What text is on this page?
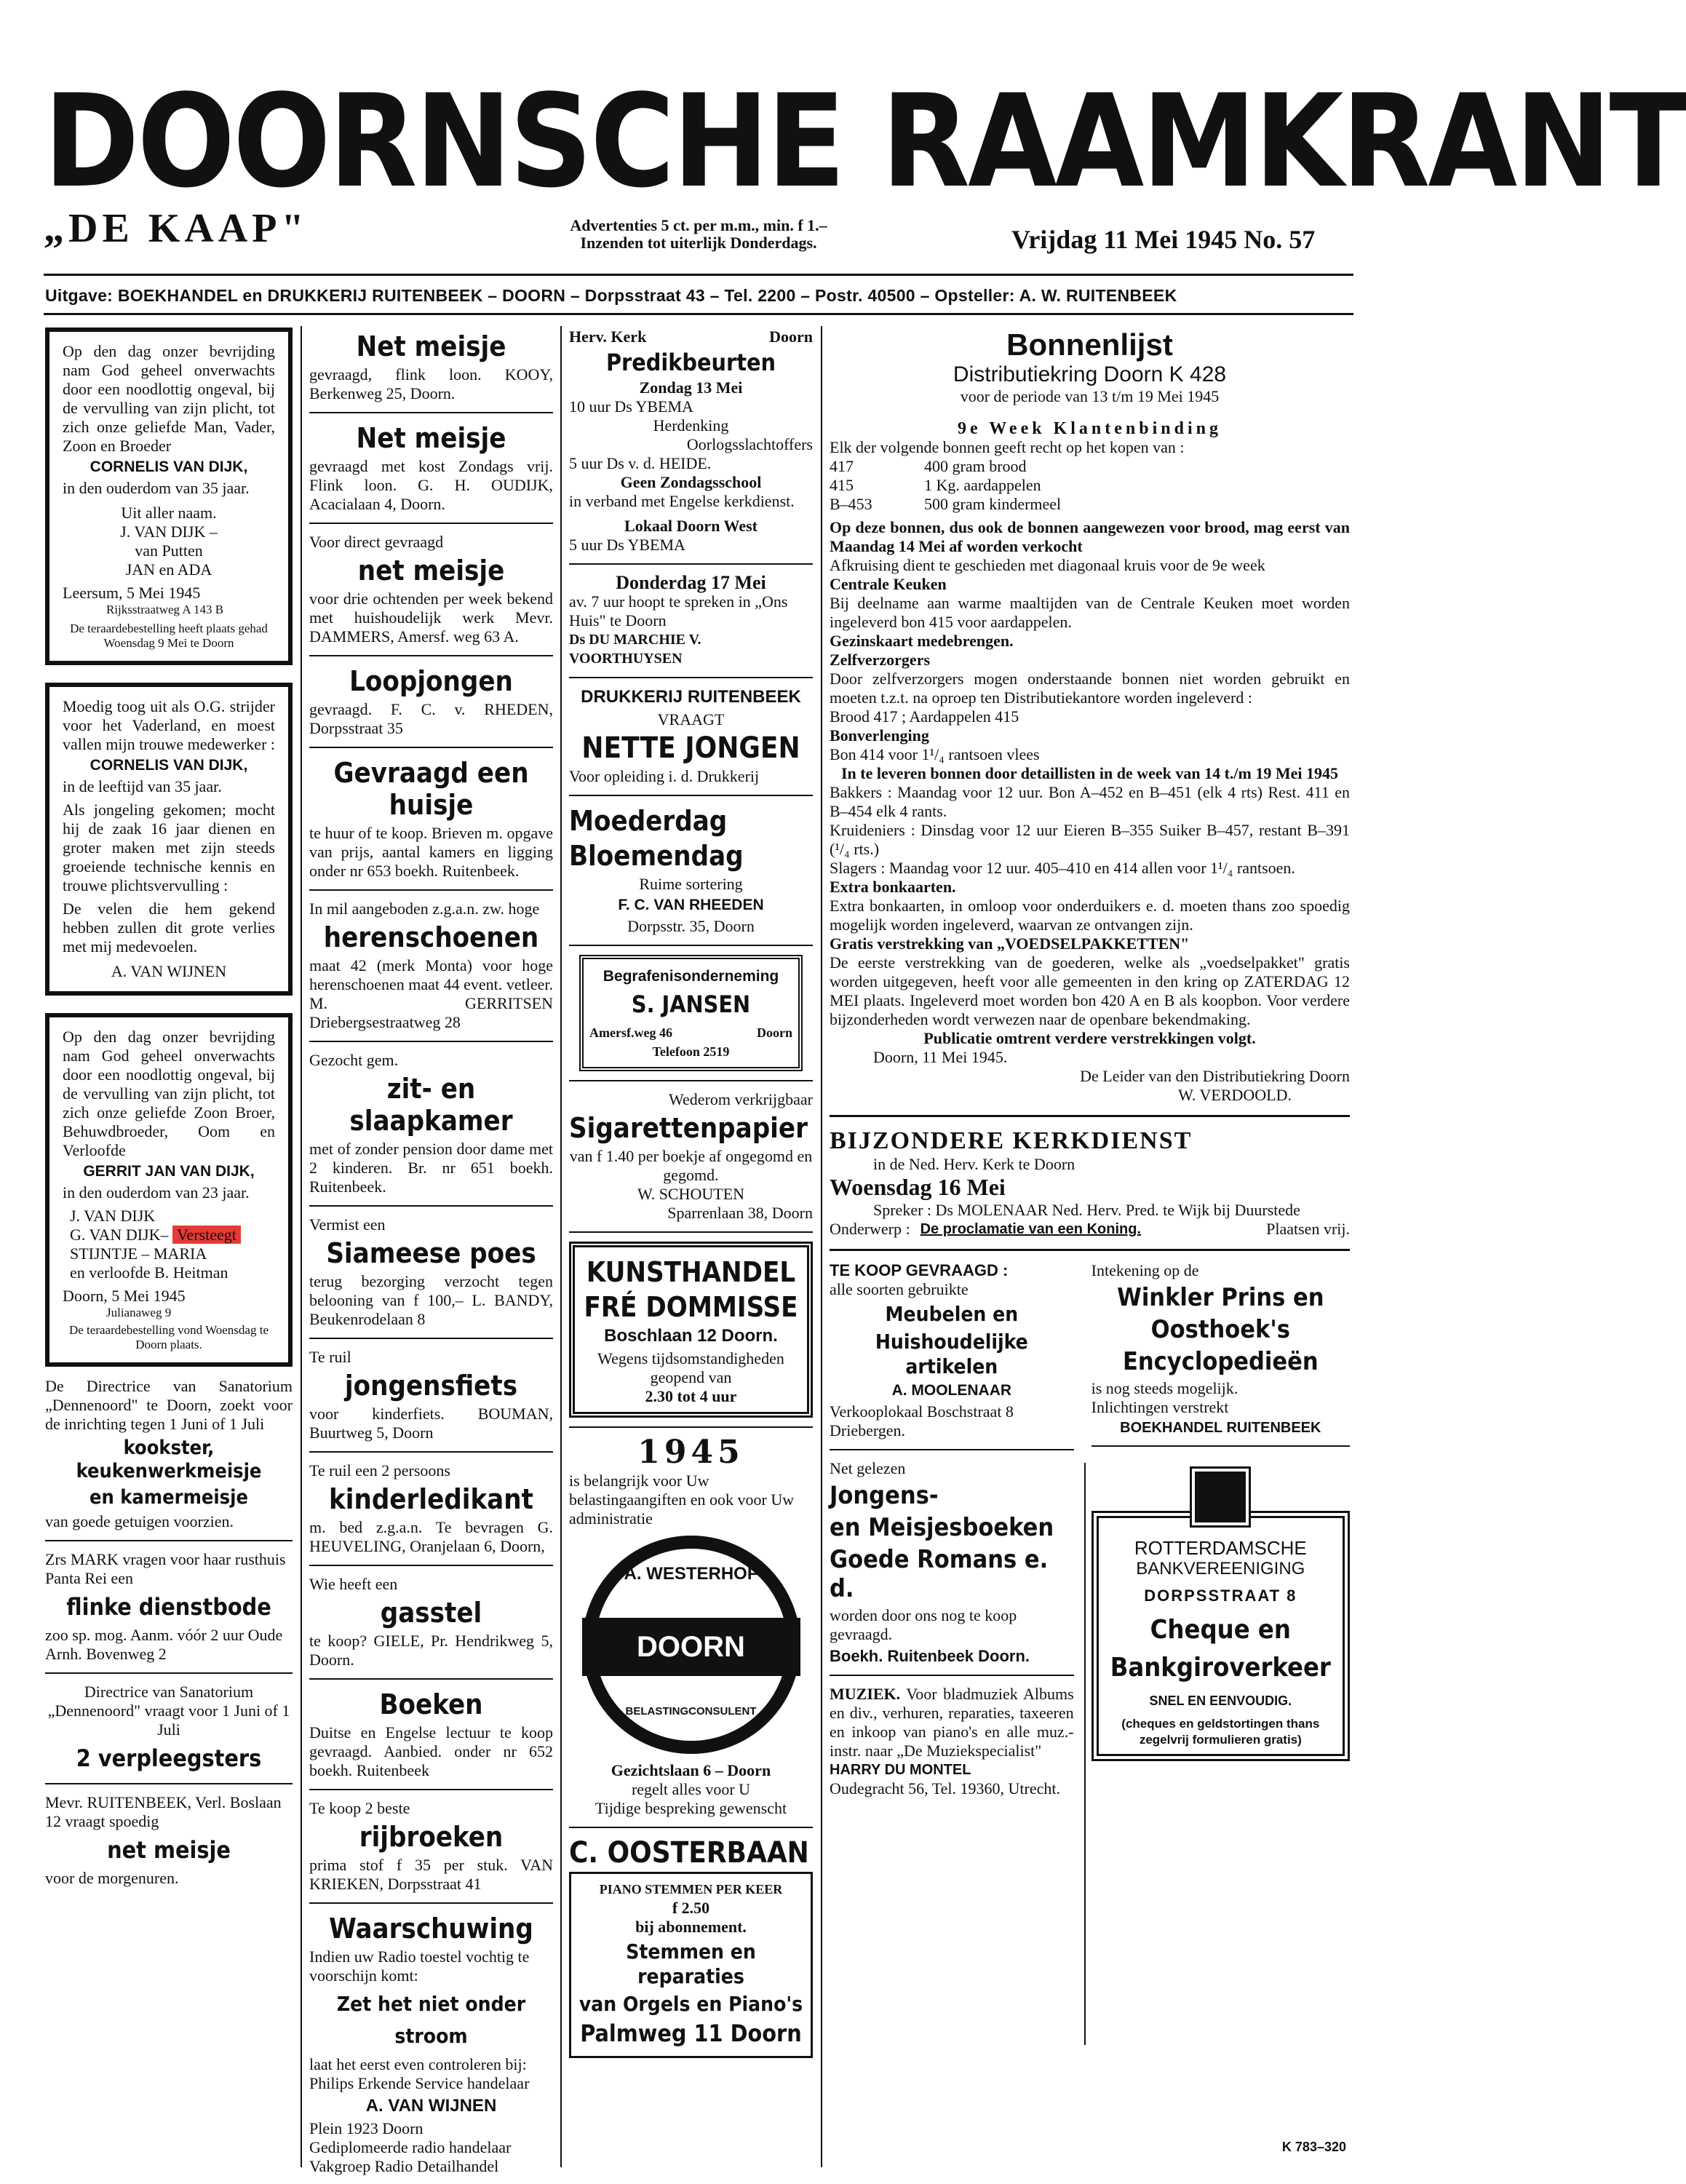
DOORNSCHE RAAMKRANT
„DE KAAP"	Advertenties 5 ct. per m.m., min. f 1.–
Inzenden tot uiterlijk Donderdags.	Vrijdag 11 Mei 1945 No. 57
Uitgave: BOEKHANDEL en DRUKKERIJ RUITENBEEK – DOORN – Dorpsstraat 43 – Tel. 2200 – Postr. 40500 – Opsteller: A. W. RUITENBEEK

Op den dag onzer bevrijding nam God geheel onverwachts door een noodlottig ongeval, bij de vervulling van zijn plicht, tot zich onze geliefde Man, Vader, Zoon en Broeder

CORNELIS VAN DIJK,

in den ouderdom van 35 jaar.

Uit aller naam.

J. VAN DIJK –

van Putten

JAN en ADA

Leersum, 5 Mei 1945

Rijksstraatweg A 143 B

De teraardebestelling heeft plaats gehad Woensdag 9 Mei te Doorn

Moedig toog uit als O.G. strijder voor het Vaderland, en moest vallen mijn trouwe medewerker :

CORNELIS VAN DIJK,

in de leeftijd van 35 jaar.

Als jongeling gekomen; mocht hij de zaak 16 jaar dienen en groter maken met zijn steeds groeiende technische kennis en trouwe plichtsvervulling :

De velen die hem gekend hebben zullen dit grote verlies met mij medevoelen.

A. VAN WIJNEN

Op den dag onzer bevrijding nam God geheel onverwachts door een noodlottig ongeval, bij de vervulling van zijn plicht, tot zich onze geliefde Zoon Broer, Behuwdbroeder, Oom en Verloofde

GERRIT JAN VAN DIJK,

in den ouderdom van 23 jaar.

J. VAN DIJK

G. VAN DIJK– Versteegt

STIJNTJE – MARIA

en verloofde B. Heitman

Doorn, 5 Mei 1945

Julianaweg 9

De teraardebestelling vond Woensdag te Doorn plaats.

De Directrice van Sanatorium „Dennenoord" te Doorn, zoekt voor de inrichting tegen 1 Juni of 1 Juli

kookster, keukenwerkmeisje

en kamermeisje

van goede getuigen voorzien.

Zrs MARK vragen voor haar rusthuis Panta Rei een

flinke dienstbode

zoo sp. mog. Aanm. vóór 2 uur Oude Arnh. Bovenweg 2

Directrice van Sanatorium „Dennenoord" vraagt voor 1 Juni of 1 Juli

2 verpleegsters

Mevr. RUITENBEEK, Verl. Boslaan 12 vraagt spoedig

net meisje

voor de morgenuren.

Net meisje

gevraagd, flink loon. KOOY, Berkenweg 25, Doorn.

Net meisje

gevraagd met kost Zondags vrij. Flink loon. G. H. OUDIJK, Acacialaan 4, Doorn.

Voor direct gevraagd

net meisje

voor drie ochtenden per week bekend met huishoudelijk werk Mevr. DAMMERS, Amersf. weg 63 A.

Loopjongen

gevraagd. F. C. v. RHEDEN, Dorpsstraat 35

Gevraagd een huisje

te huur of te koop. Brieven m. opgave van prijs, aantal kamers en ligging onder nr 653 boekh. Ruitenbeek.

In mil aangeboden z.g.a.n. zw. hoge

herenschoenen

maat 42 (merk Monta) voor hoge herenschoenen maat 44 event. vetleer. M. GERRITSEN Driebergsestraatweg 28

Gezocht gem.

zit- en slaapkamer

met of zonder pension door dame met 2 kinderen. Br. nr 651 boekh. Ruitenbeek.

Vermist een

Siameese poes

terug bezorging verzocht tegen belooning van f 100,– L. BANDY, Beukenrodelaan 8

Te ruil

jongensfiets

voor kinderfiets. BOUMAN, Buurtweg 5, Doorn

Te ruil een 2 persoons

kinderledikant

m. bed z.g.a.n. Te bevragen G. HEUVELING, Oranjelaan 6, Doorn,

Wie heeft een

gasstel

te koop? GIELE, Pr. Hendrikweg 5, Doorn.

Boeken

Duitse en Engelse lectuur te koop gevraagd. Aanbied. onder nr 652 boekh. Ruitenbeek

Te koop 2 beste

rijbroeken

prima stof f 35 per stuk. VAN KRIEKEN, Dorpsstraat 41

Waarschuwing

Indien uw Radio toestel vochtig te voorschijn komt:

Zet het niet onder stroom

laat het eerst even controleren bij: Philips Erkende Service handelaar

A. VAN WIJNEN

Plein 1923 Doorn

Gediplomeerde radio handelaar Vakgroep Radio Detailhandel

Herv. Kerk	Doorn

Predikbeurten

Zondag 13 Mei

10 uur Ds YBEMA

Herdenking

Oorlogsslachtoffers

5 uur Ds v. d. HEIDE.

Geen Zondagsschool

in verband met Engelse kerkdienst.

Lokaal Doorn West

5 uur Ds YBEMA

Donderdag 17 Mei

av. 7 uur hoopt te spreken in „Ons Huis" te Doorn

Ds DU MARCHIE V. VOORTHUYSEN

DRUKKERIJ RUITENBEEK

VRAAGT

NETTE JONGEN

Voor opleiding i. d. Drukkerij

Moederdag

Bloemendag

Ruime sortering

F. C. VAN RHEEDEN

Dorpsstr. 35, Doorn

Begrafenisonderneming

S. JANSEN

Amersf.weg 46	Doorn

Telefoon 2519

Wederom verkrijgbaar

Sigarettenpapier

van f 1.40 per boekje af ongegomd en gegomd.

W. SCHOUTEN

Sparrenlaan 38, Doorn

KUNSTHANDEL

FRÉ DOMMISSE

Boschlaan 12 Doorn.

Wegens tijdsomstandigheden geopend van

2.30 tot 4 uur

1945

is belangrijk voor Uw belastingaangiften en ook voor Uw administratie

A. WESTERHOF
DOORN
BELASTINGCONSULENT

Gezichtslaan 6 – Doorn

regelt alles voor U

Tijdige bespreking gewenscht

C. OOSTERBAAN

PIANO STEMMEN PER KEER

f 2.50

bij abonnement.

Stemmen en reparaties

van Orgels en Piano's

Palmweg 11 Doorn

Bonnenlijst

Distributiekring Doorn K 428

voor de periode van 13 t/m 19 Mei 1945

9e Week Klantenbinding

Elk der volgende bonnen geeft recht op het kopen van :

417	400 gram brood
415	1 Kg. aardappelen
B–453	500 gram kindermeel

Op deze bonnen, dus ook de bonnen aangewezen voor brood, mag eerst van Maandag 14 Mei af worden verkocht

Afkruising dient te geschieden met diagonaal kruis voor de 9e week

Centrale Keuken

Bij deelname aan warme maaltijden van de Centrale Keuken moet worden ingeleverd bon 415 voor aardappelen.

Gezinskaart medebrengen.

Zelfverzorgers

Door zelfverzorgers mogen onderstaande bonnen niet worden gebruikt en moeten t.z.t. na oproep ten Distributiekantore worden ingeleverd :

Brood 417 ; Aardappelen 415

Bonverlenging

Bon 414 voor 1¹/₄ rantsoen vlees

In te leveren bonnen door detaillisten in de week van 14 t./m 19 Mei 1945

Bakkers : Maandag voor 12 uur. Bon A–452 en B–451 (elk 4 rts) Rest. 411 en B–454 elk 4 rants.

Kruideniers : Dinsdag voor 12 uur Eieren B–355 Suiker B–457, restant B–391 (¹/₄ rts.)

Slagers : Maandag voor 12 uur. 405–410 en 414 allen voor 1¹/₄ rantsoen.

Extra bonkaarten.

Extra bonkaarten, in omloop voor onderduikers e. d. moeten thans zoo spoedig mogelijk worden ingeleverd, waarvan ze ontvangen zijn.

Gratis verstrekking van „VOEDSELPAKKETTEN"

De eerste verstrekking van de goederen, welke als „voedselpakket" gratis worden uitgegeven, heeft voor alle gemeenten in den kring op ZATERDAG 12 MEI plaats. Ingeleverd moet worden bon 420 A en B als koopbon. Voor verdere bijzonderheden wordt verwezen naar de openbare bekendmaking.

Publicatie omtrent verdere verstrekkingen volgt.

Doorn, 11 Mei 1945.

De Leider van den Distributiekring Doorn

W. VERDOOLD.

BIJZONDERE KERKDIENST

in de Ned. Herv. Kerk te Doorn

Woensdag 16 Mei

Spreker : Ds MOLENAAR Ned. Herv. Pred. te Wijk bij Duurstede

Onderwerp : De proclamatie van een Koning.	Plaatsen vrij.

TE KOOP GEVRAAGD :

alle soorten gebruikte

Meubelen en

Huishoudelijke artikelen

A. MOOLENAAR

Verkooplokaal Boschstraat 8 Driebergen.

Net gelezen

Jongens-

en Meisjesboeken

Goede Romans e. d.

worden door ons nog te koop gevraagd.

Boekh. Ruitenbeek Doorn.

MUZIEK. Voor bladmuziek Albums en div., verhuren, reparaties, taxeeren en inkoop van piano's en alle muz.-instr. naar „De Muziekspecialist"

HARRY DU MONTEL

Oudegracht 56, Tel. 19360, Utrecht.

Intekening op de

Winkler Prins en

Oosthoek's

Encyclopedieën

is nog steeds mogelijk.

Inlichtingen verstrekt

BOEKHANDEL RUITENBEEK

ROTTERDAMSCHE

BANKVEREENIGING

DORPSSTRAAT 8

Cheque en

Bankgiroverkeer

SNEL EN EENVOUDIG.

(cheques en geldstortingen thans zegelvrij formulieren gratis)

K 783–320
